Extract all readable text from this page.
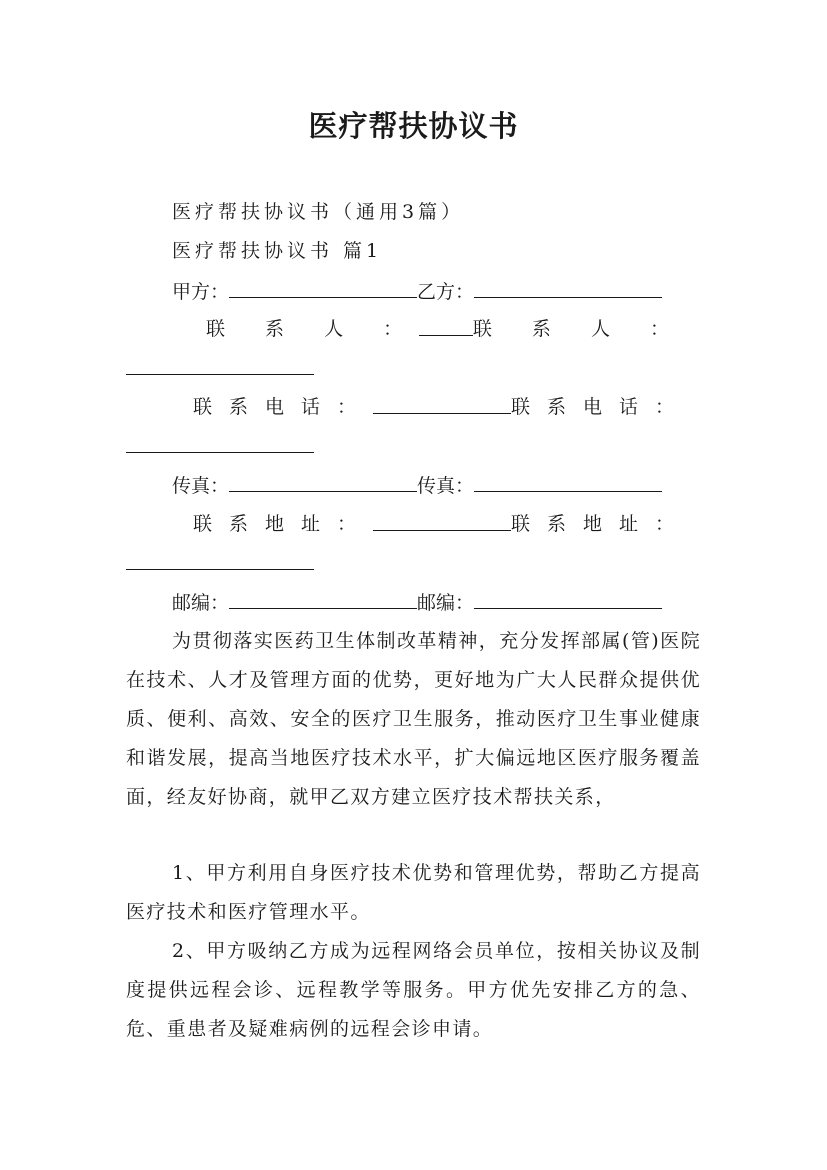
医疗帮扶协议书
医疗帮扶协议书（通用3篇）
医疗帮扶协议书 篇1
甲方：	乙方：
联 系 人 ：	联 系 人 ：
联系电话：	联系电话：
传真：	传真：
联系地址：	联系地址：
邮编：	邮编：
为贯彻落实医药卫生体制改革精神，充分发挥部属(管)医院在技术、人才及管理方面的优势，更好地为广大人民群众提供优质、便利、高效、安全的医疗卫生服务，推动医疗卫生事业健康和谐发展，提高当地医疗技术水平，扩大偏远地区医疗服务覆盖面，经友好协商，就甲乙双方建立医疗技术帮扶关系，
1、甲方利用自身医疗技术优势和管理优势，帮助乙方提高医疗技术和医疗管理水平。
2、甲方吸纳乙方成为远程网络会员单位，按相关协议及制度提供远程会诊、远程教学等服务。甲方优先安排乙方的急、危、重患者及疑难病例的远程会诊申请。
